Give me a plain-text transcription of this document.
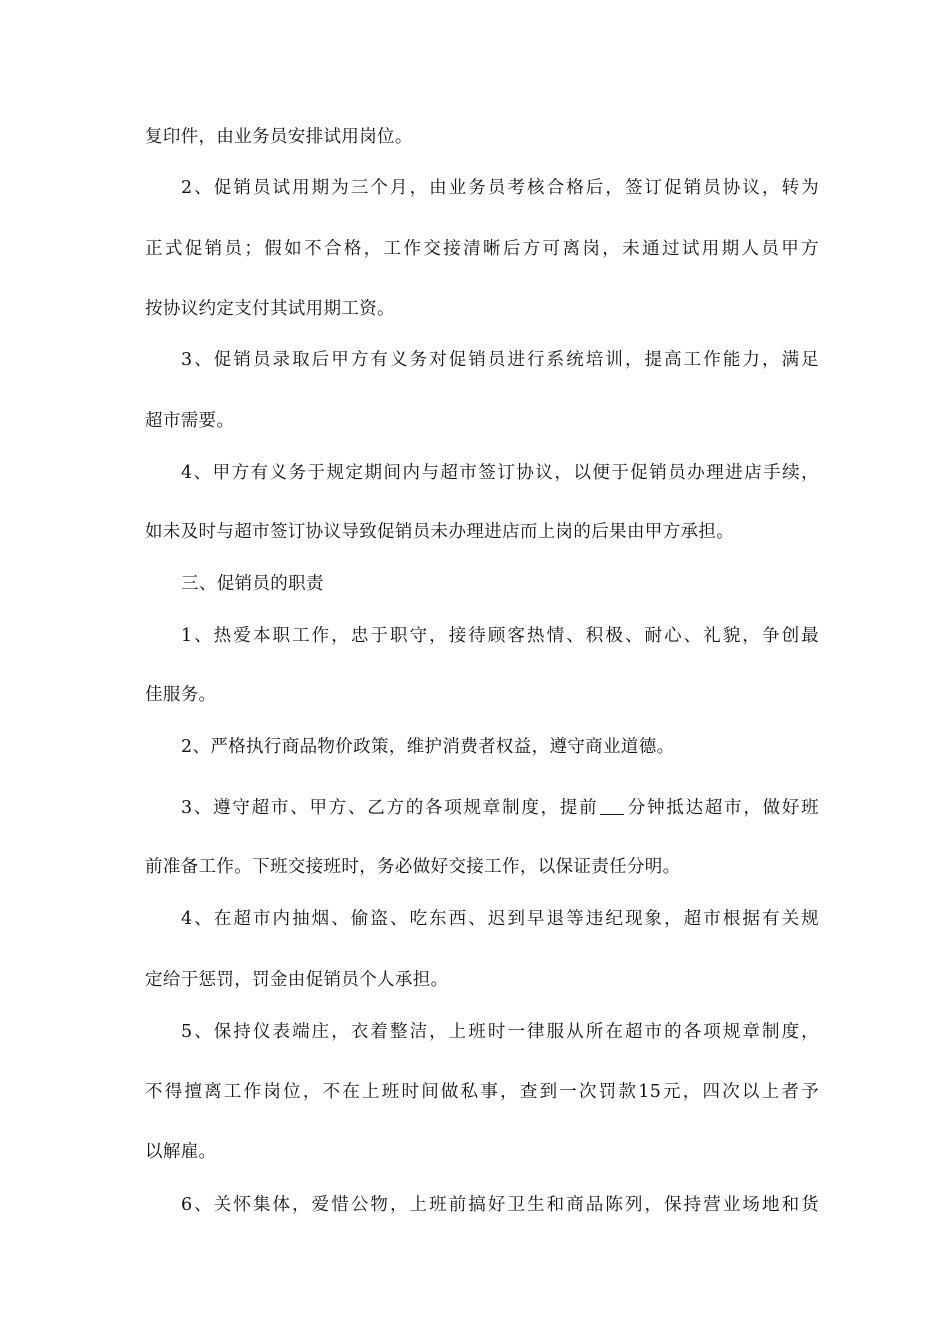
复印件，由业务员安排试用岗位。
2、促销员试用期为三个月，由业务员考核合格后，签订促销员协议，转为
正式促销员；假如不合格，工作交接清晰后方可离岗，未通过试用期人员甲方
按协议约定支付其试用期工资。
3、促销员录取后甲方有义务对促销员进行系统培训，提高工作能力，满足
超市需要。
4、甲方有义务于规定期间内与超市签订协议，以便于促销员办理进店手续，
如未及时与超市签订协议导致促销员未办理进店而上岗的后果由甲方承担。
三、促销员的职责
1、热爱本职工作，忠于职守，接待顾客热情、积极、耐心、礼貌，争创最
佳服务。
2、严格执行商品物价政策，维护消费者权益，遵守商业道德。
3、遵守超市、甲方、乙方的各项规章制度，提前 分钟抵达超市，做好班
前准备工作。下班交接班时，务必做好交接工作，以保证责任分明。
4、在超市内抽烟、偷盗、吃东西、迟到早退等违纪现象，超市根据有关规
定给于惩罚，罚金由促销员个人承担。
5、保持仪表端庄，衣着整洁，上班时一律服从所在超市的各项规章制度，
不得擅离工作岗位，不在上班时间做私事，查到一次罚款15元，四次以上者予
以解雇。
6、关怀集体，爱惜公物，上班前搞好卫生和商品陈列，保持营业场地和货
